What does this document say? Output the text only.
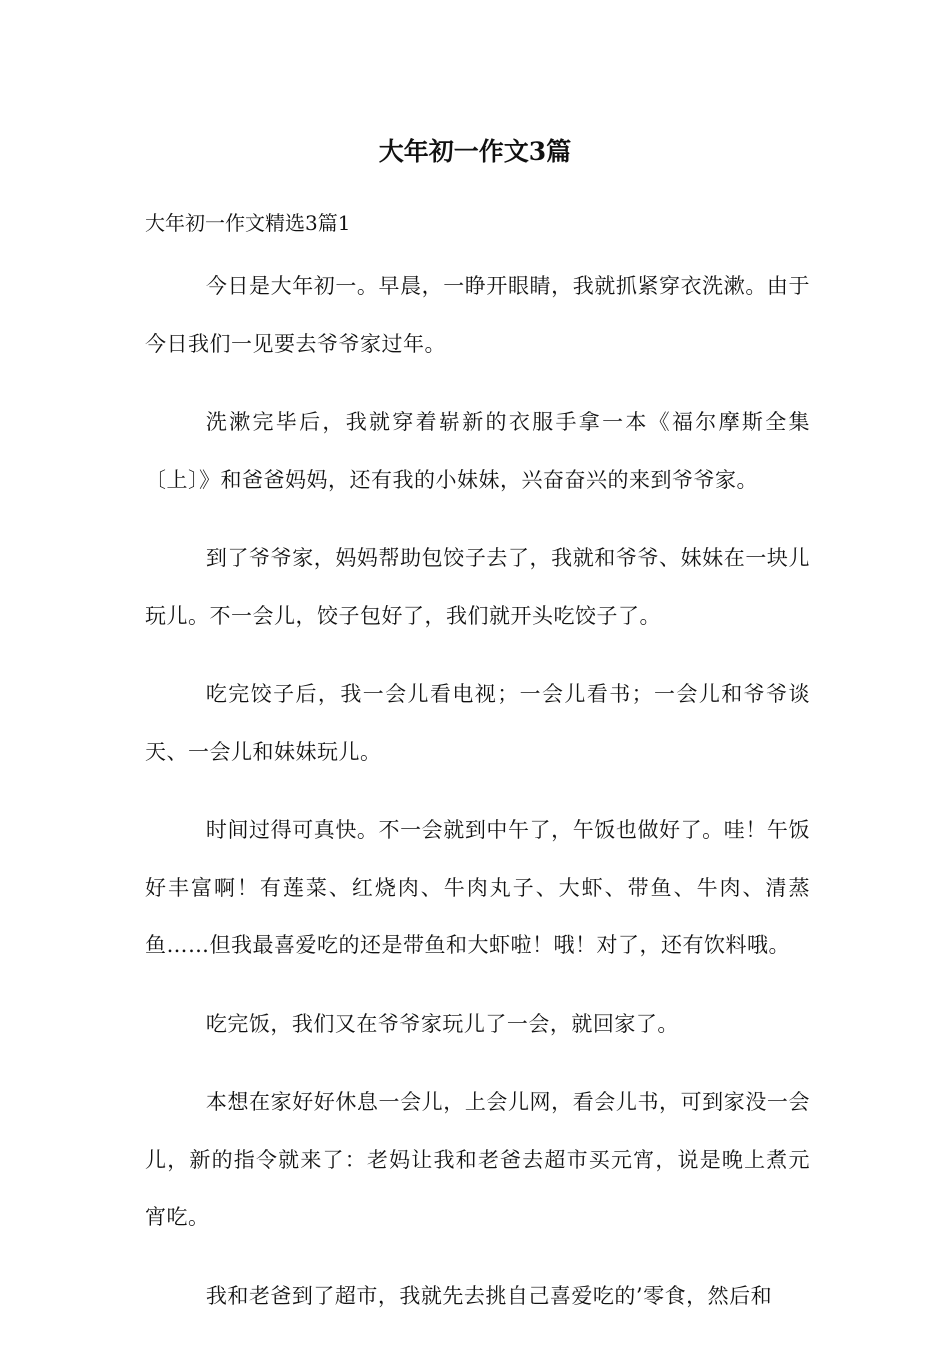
大年初一作文3篇

大年初一作文精选3篇1

今日是大年初一。早晨，一睁开眼睛，我就抓紧穿衣洗漱。由于今日我们一见要去爷爷家过年。

洗漱完毕后，我就穿着崭新的衣服手拿一本《福尔摩斯全集〔上〕》和爸爸妈妈，还有我的小妹妹，兴奋奋兴的来到爷爷家。

到了爷爷家，妈妈帮助包饺子去了，我就和爷爷、妹妹在一块儿玩儿。不一会儿，饺子包好了，我们就开头吃饺子了。

吃完饺子后，我一会儿看电视；一会儿看书；一会儿和爷爷谈天、一会儿和妹妹玩儿。

时间过得可真快。不一会就到中午了，午饭也做好了。哇！午饭好丰富啊！有莲菜、红烧肉、牛肉丸子、大虾、带鱼、牛肉、清蒸鱼……但我最喜爱吃的还是带鱼和大虾啦！哦！对了，还有饮料哦。

吃完饭，我们又在爷爷家玩儿了一会，就回家了。

本想在家好好休息一会儿，上会儿网，看会儿书，可到家没一会儿，新的指令就来了：老妈让我和老爸去超市买元宵，说是晚上煮元宵吃。

我和老爸到了超市，我就先去挑自己喜爱吃的’零食，然后和
